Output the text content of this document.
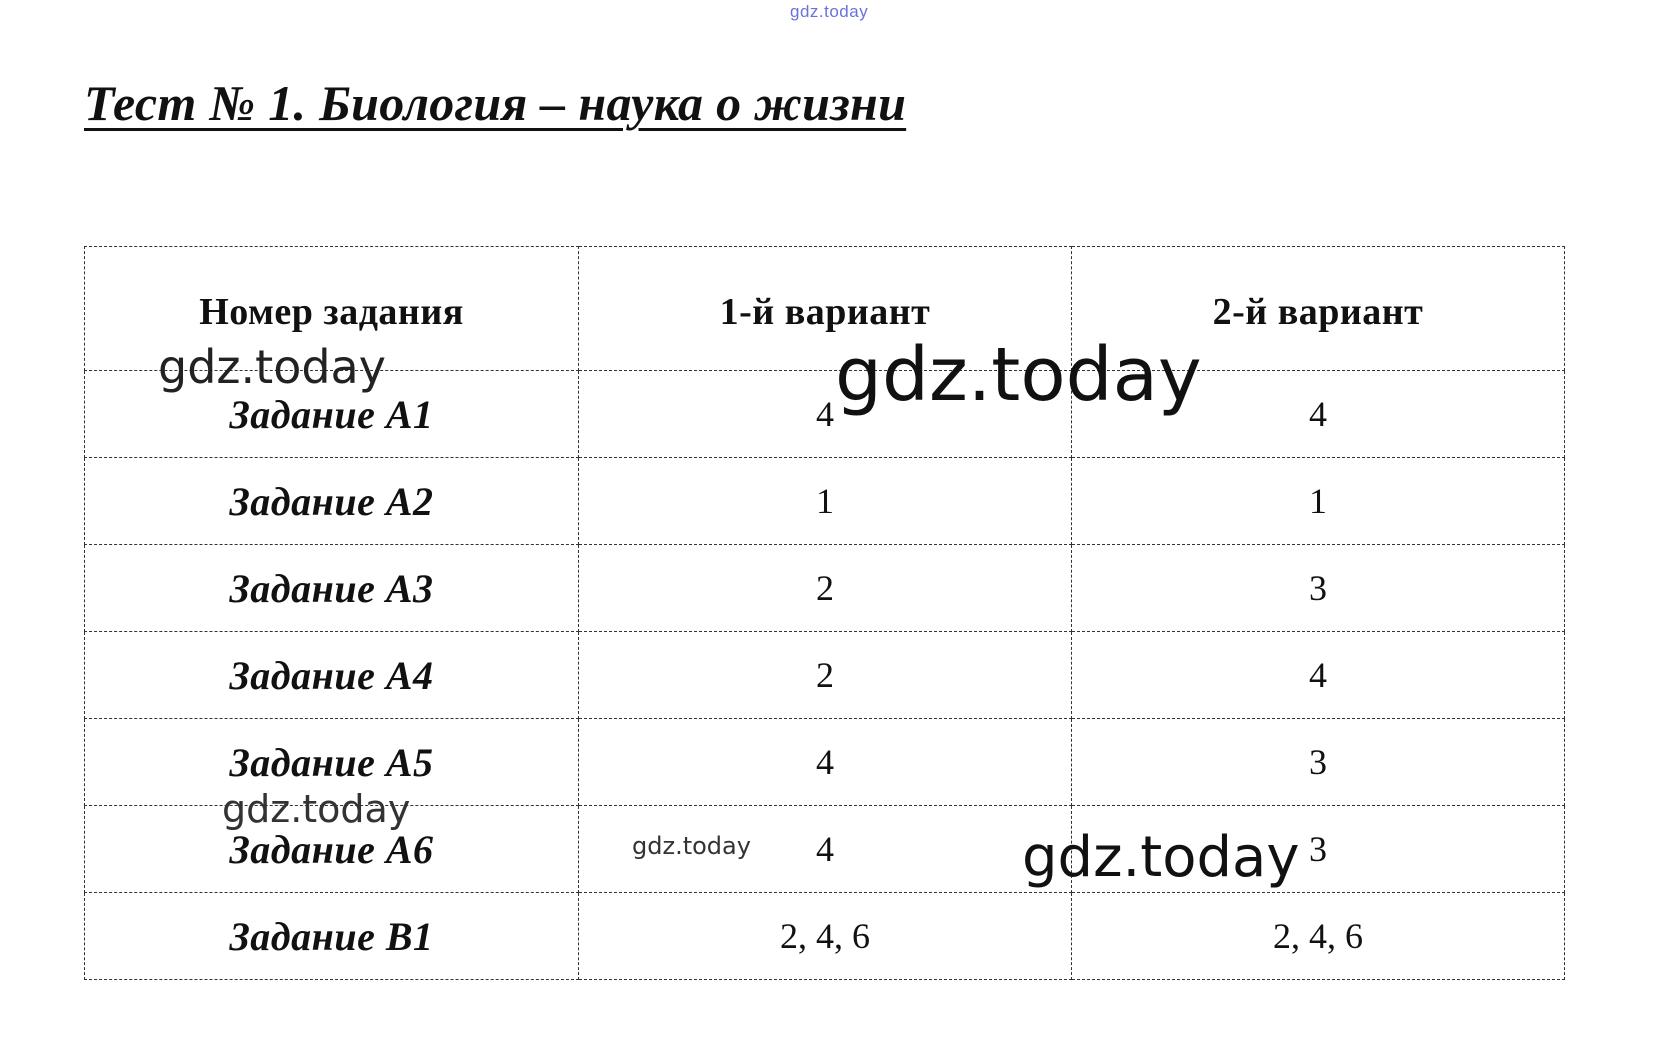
gdz.today
Тест № 1. Биология – наука о жизни
Номер задания	1-й вариант	2-й вариант
Задание А1	4	4
Задание А2	1	1
Задание А3	2	3
Задание А4	2	4
Задание А5	4	3
Задание А6	4	3
Задание В1	2, 4, 6	2, 4, 6
gdz.today	gdz.today
gdz.today
gdz.today	gdz.today
